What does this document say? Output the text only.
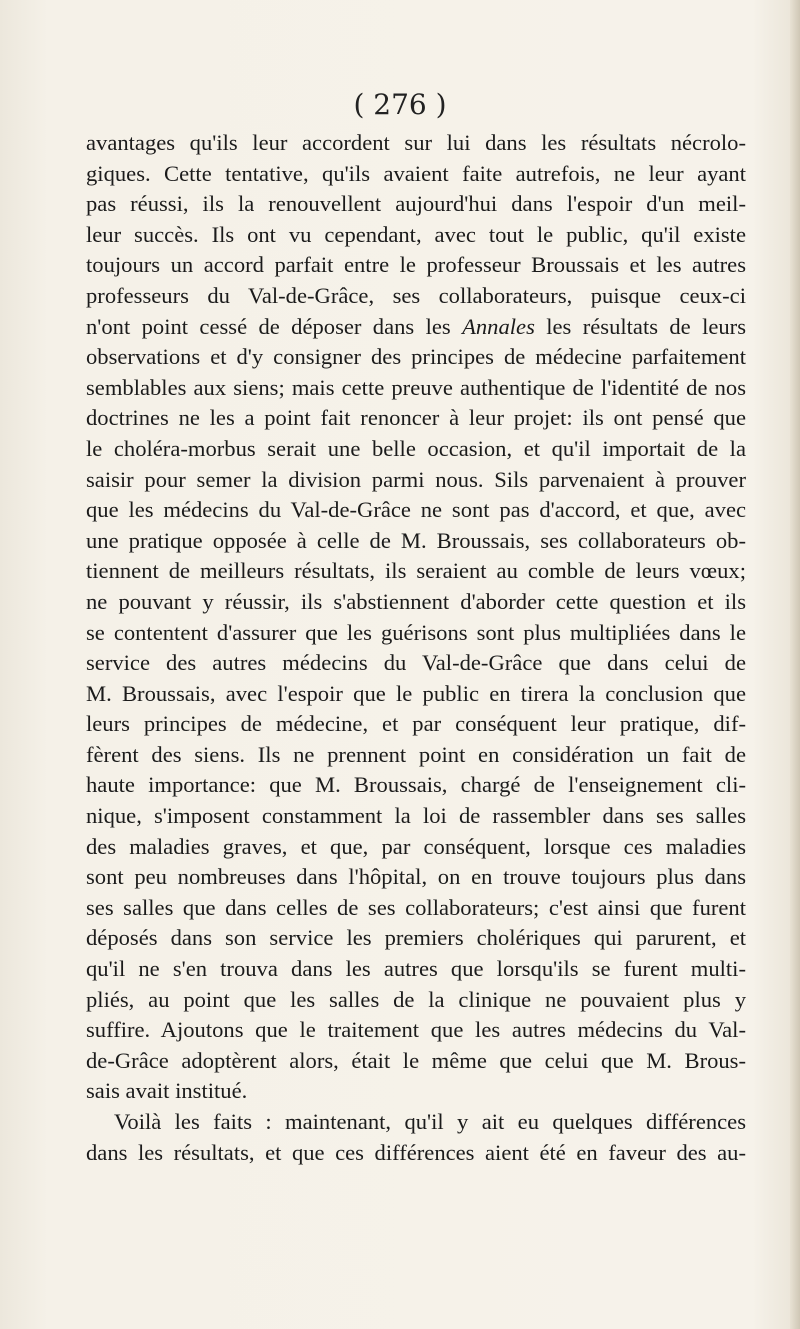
( 276 )
avantages qu'ils leur accordent sur lui dans les résultats nécrolo-
giques. Cette tentative, qu'ils avaient faite autrefois, ne leur ayant
pas réussi, ils la renouvellent aujourd'hui dans l'espoir d'un meil-
leur succès. Ils ont vu cependant, avec tout le public, qu'il existe
toujours un accord parfait entre le professeur Broussais et les autres
professeurs du Val-de-Grâce, ses collaborateurs, puisque ceux-ci
n'ont point cessé de déposer dans les Annales les résultats de leurs
observations et d'y consigner des principes de médecine parfaitement
semblables aux siens; mais cette preuve authentique de l'identité de nos
doctrines ne les a point fait renoncer à leur projet: ils ont pensé que
le choléra-morbus serait une belle occasion, et qu'il importait de la
saisir pour semer la division parmi nous. Sils parvenaient à prouver
que les médecins du Val-de-Grâce ne sont pas d'accord, et que, avec
une pratique opposée à celle de M. Broussais, ses collaborateurs ob-
tiennent de meilleurs résultats, ils seraient au comble de leurs vœux;
ne pouvant y réussir, ils s'abstiennent d'aborder cette question et ils
se contentent d'assurer que les guérisons sont plus multipliées dans le
service des autres médecins du Val-de-Grâce que dans celui de
M. Broussais, avec l'espoir que le public en tirera la conclusion que
leurs principes de médecine, et par conséquent leur pratique, dif-
fèrent des siens. Ils ne prennent point en considération un fait de
haute importance: que M. Broussais, chargé de l'enseignement cli-
nique, s'imposent constamment la loi de rassembler dans ses salles
des maladies graves, et que, par conséquent, lorsque ces maladies
sont peu nombreuses dans l'hôpital, on en trouve toujours plus dans
ses salles que dans celles de ses collaborateurs; c'est ainsi que furent
déposés dans son service les premiers cholériques qui parurent, et
qu'il ne s'en trouva dans les autres que lorsqu'ils se furent multi-
pliés, au point que les salles de la clinique ne pouvaient plus y
suffire. Ajoutons que le traitement que les autres médecins du Val-
de-Grâce adoptèrent alors, était le même que celui que M. Brous-
sais avait institué.
Voilà les faits : maintenant, qu'il y ait eu quelques différences
dans les résultats, et que ces différences aient été en faveur des au-
